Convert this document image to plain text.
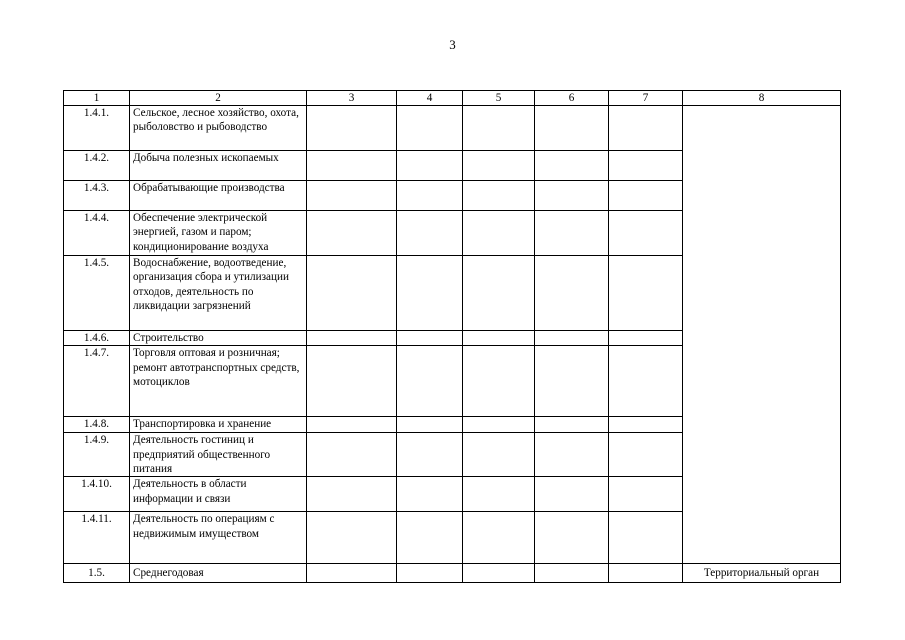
3
1	2	3	4	5	6	7	8
1.4.1.	Сельское, лесное хозяйство, охота, рыболовство и рыбоводство						
1.4.2.	Добыча полезных ископаемых						
1.4.3.	Обрабатывающие производства						
1.4.4.	Обеспечение электрической энергией, газом и паром; кондиционирование воздуха						
1.4.5.	Водоснабжение, водоотведение, организация сбора и утилизации отходов, деятельность по ликвидации загрязнений						
1.4.6.	Строительство						
1.4.7.	Торговля оптовая и розничная; ремонт автотранспортных средств, мотоциклов						
1.4.8.	Транспортировка и хранение						
1.4.9.	Деятельность гостиниц и предприятий общественного питания						
1.4.10.	Деятельность в области информации и связи						
1.4.11.	Деятельность по операциям с недвижимым имуществом						
1.5.	Среднегодовая						Территориальный орган
